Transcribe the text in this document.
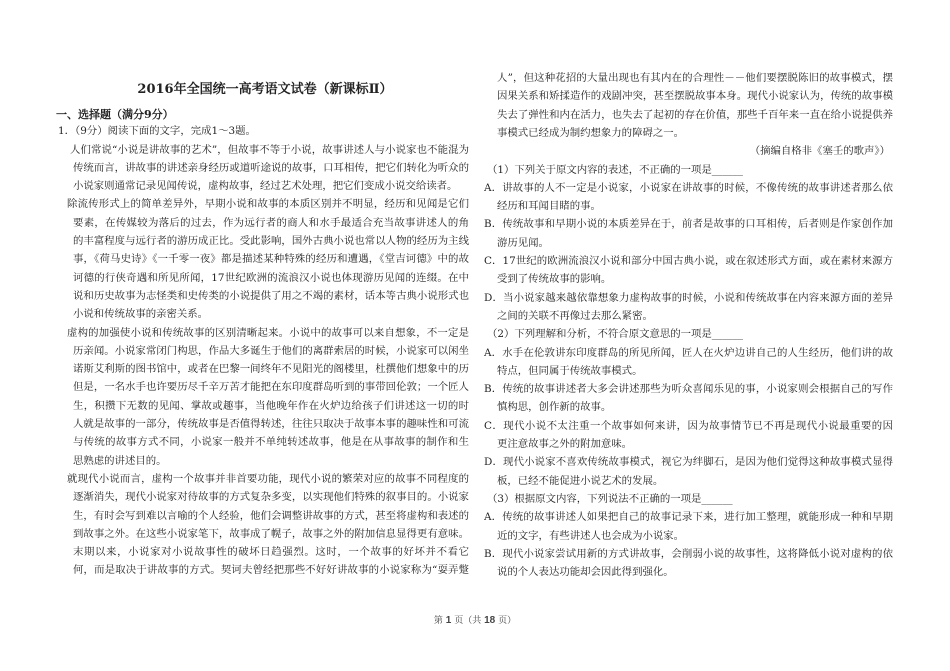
2016年全国统一高考语文试卷（新课标Ⅱ）
一、选择题（满分9分）
1．（9分）阅读下面的文字，完成1～3题。
人们常说“小说是讲故事的艺术”，但故事不等于小说，故事讲述人与小说家也不能混为
传统而言，讲故事的讲述亲身经历或道听途说的故事，口耳相传，把它们转化为听众的
小说家则通常记录见闻传说，虚构故事，经过艺术处理，把它们变成小说交给读者。
除流传形式上的简单差异外，早期小说和故事的本质区别并不明显，经历和见闻是它们
要素，在传媒较为落后的过去，作为远行者的商人和水手最适合充当故事讲述人的角
的丰富程度与远行者的游历成正比。受此影响，国外古典小说也常以人物的经历为主线
事，《荷马史诗》《一千零一夜》都是描述某种特殊的经历和遭遇，《堂吉诃德》中的故
诃德的行侠奇遇和所见所闻，17世纪欧洲的流浪汉小说也体现游历见闻的连缀。在中
说和历史故事为志怪类和史传类的小说提供了用之不竭的素材，话本等古典小说形式也
小说和传统故事的亲密关系。
虚构的加强使小说和传统故事的区别清晰起来。小说中的故事可以来自想象，不一定是
历亲闻。小说家常闭门构思，作品大多诞生于他们的离群索居的时候，小说家可以闲坐
诺斯艾利斯的图书馆中，或者在巴黎一间终年不见阳光的阁楼里，杜撰他们想象中的历
但是，一名水手也许要历尽千辛万苦才能把在东印度群岛听到的事带回伦敦；一个匠人
生，积攒下无数的见闻、掌故或趣事，当他晚年作在火炉边给孩子们讲述这一切的时
人就是故事的一部分，传统故事是否值得转述，往往只取决于故事本事的趣味性和可流
与传统的故事方式不同，小说家一般并不单纯转述故事，他是在从事故事的制作和生
思熟虑的讲述目的。
就现代小说而言，虚构一个故事并非首要功能，现代小说的繁荣对应的故事不同程度的
逐渐消失，现代小说家对待故事的方式复杂多变，以实现他们特殊的叙事目的。小说家
生，有时会写到难以言喻的个人经验，他们会调整讲故事的方式，甚至将虚构和表述的
到故事之外。在这些小说家笔下，故事成了幌子，故事之外的附加信息显得更有意味。
末期以来，小说家对小说故事性的破坏日趋强烈。这时，一个故事的好坏并不看它
何，而是取决于讲故事的方式。契诃夫曾经把那些不好好讲故事的小说家称为“耍弄蹩
人”，但这种花招的大量出现也有其内在的合理性－－他们要摆脱陈旧的故事模式，摆
因果关系和矫揉造作的戏剧冲突，甚至摆脱故事本身。现代小说家认为，传统的故事模
失去了弹性和内在活力，也失去了起初的存在价值，那些千百年来一直在给小说提供养
事模式已经成为制约想象力的障碍之一。
（摘编自格非《塞壬的歌声》）
（1）下列关于原文内容的表述，不正确的一项是______
A．讲故事的人不一定是小说家，小说家在讲故事的时候，不像传统的故事讲述者那么依
经历和耳闻目睹的事。
B．传统故事和早期小说的本质差异在于，前者是故事的口耳相传，后者则是作家创作加
游历见闻。
C．17世纪的欧洲流浪汉小说和部分中国古典小说，或在叙述形式方面，或在素材来源方
受到了传统故事的影响。
D．当小说家越来越依靠想象力虚构故事的时候，小说和传统故事在内容来源方面的差异
之间的关联不再像过去那么紧密。
（2）下列理解和分析，不符合原文意思的一项是______
A．水手在伦敦讲东印度群岛的所见所闻，匠人在火炉边讲自己的人生经历，他们讲的故
特点，但同属于传统故事模式。
B．传统的故事讲述者大多会讲述那些为听众喜闻乐见的事，小说家则会根据自己的写作
慎构思，创作新的故事。
C．现代小说不太注重一个故事如何来讲，因为故事情节已不再是现代小说最重要的因
更注意故事之外的附加意味。
D．现代小说家不喜欢传统故事模式，视它为绊脚石，是因为他们觉得这种故事模式显得
板，已经不能促进小说艺术的发展。
（3）根据原文内容，下列说法不正确的一项是______
A．传统的故事讲述人如果把自己的故事记录下来，进行加工整理，就能形成一种和早期
近的文字，有些讲述人也会成为小说家。
B．现代小说家尝试用新的方式讲故事，会削弱小说的故事性，这将降低小说对虚构的依
说的个人表达功能却会因此得到强化。
第 1 页（共 18 页）
